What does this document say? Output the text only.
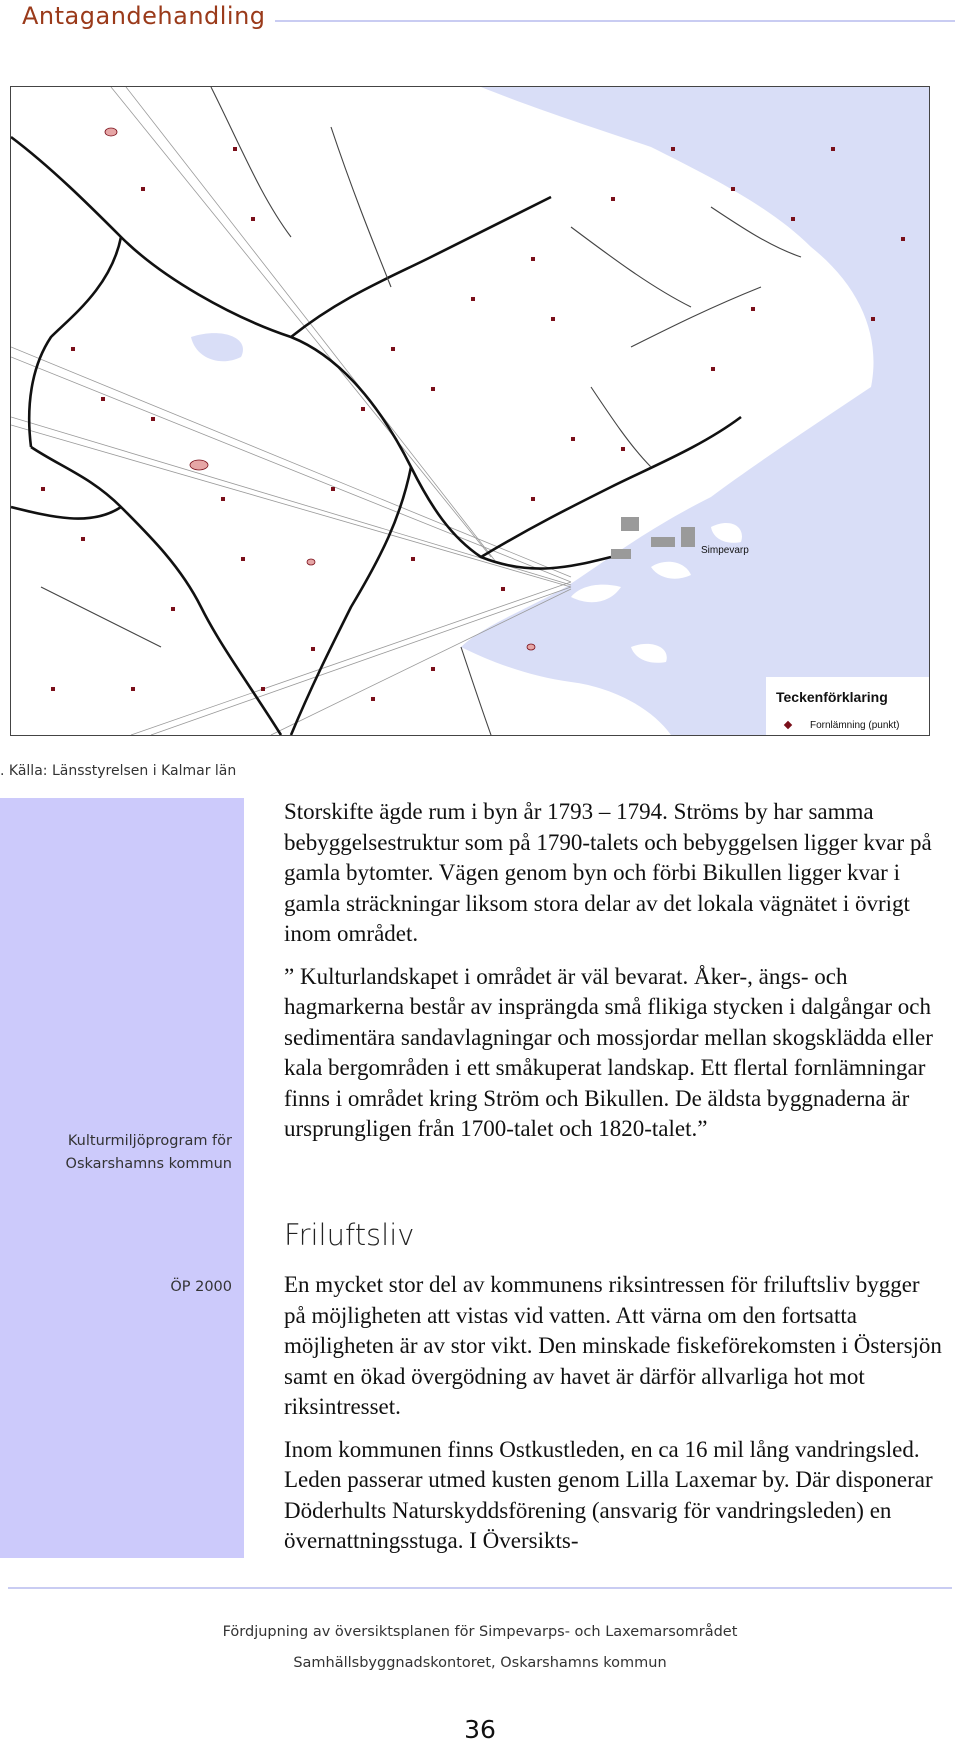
Antagandehandling
Simpevarp
Teckenförklaring
Fornlämning (punkt)
. Källa: Länsstyrelsen i Kalmar län
Kulturmiljöprogram för Oskarshamns kommun
ÖP 2000

Storskifte ägde rum i byn år 1793 – 1794. Ströms by har samma bebyggelsestruktur som på 1790-talets och bebyggelsen ligger kvar på gamla bytomter. Vägen genom byn och förbi Bikullen ligger kvar i gamla sträckningar liksom stora delar av det lokala vägnätet i övrigt inom området.

” Kulturlandskapet i området är väl bevarat. Åker-, ängs- och hagmarkerna består av insprängda små flikiga stycken i dalgångar och sedimentära sandavlagningar och mossjordar mellan skogsklädda eller kala bergområden i ett småkuperat landskap. Ett flertal fornlämningar finns i området kring Ström och Bikullen. De äldsta byggnaderna är ursprungligen från 1700-talet och 1820-talet.”

Friluftsliv

En mycket stor del av kommunens riksintressen för friluftsliv bygger på möjligheten att vistas vid vatten. Att värna om den fortsatta möjligheten är av stor vikt. Den minskade fiskeförekomsten i Östersjön samt en ökad övergödning av havet är därför allvarliga hot mot riksintresset.

Inom kommunen finns Ostkustleden, en ca 16 mil lång vandringsled. Leden passerar utmed kusten genom Lilla Laxemar by. Där disponerar Döderhults Naturskyddsförening (ansvarig för vandringsleden) en övernattningsstuga. I Översikts-

Fördjupning av översiktsplanen för Simpevarps- och Laxemarsområdet
Samhällsbyggnadskontoret, Oskarshamns kommun
36
